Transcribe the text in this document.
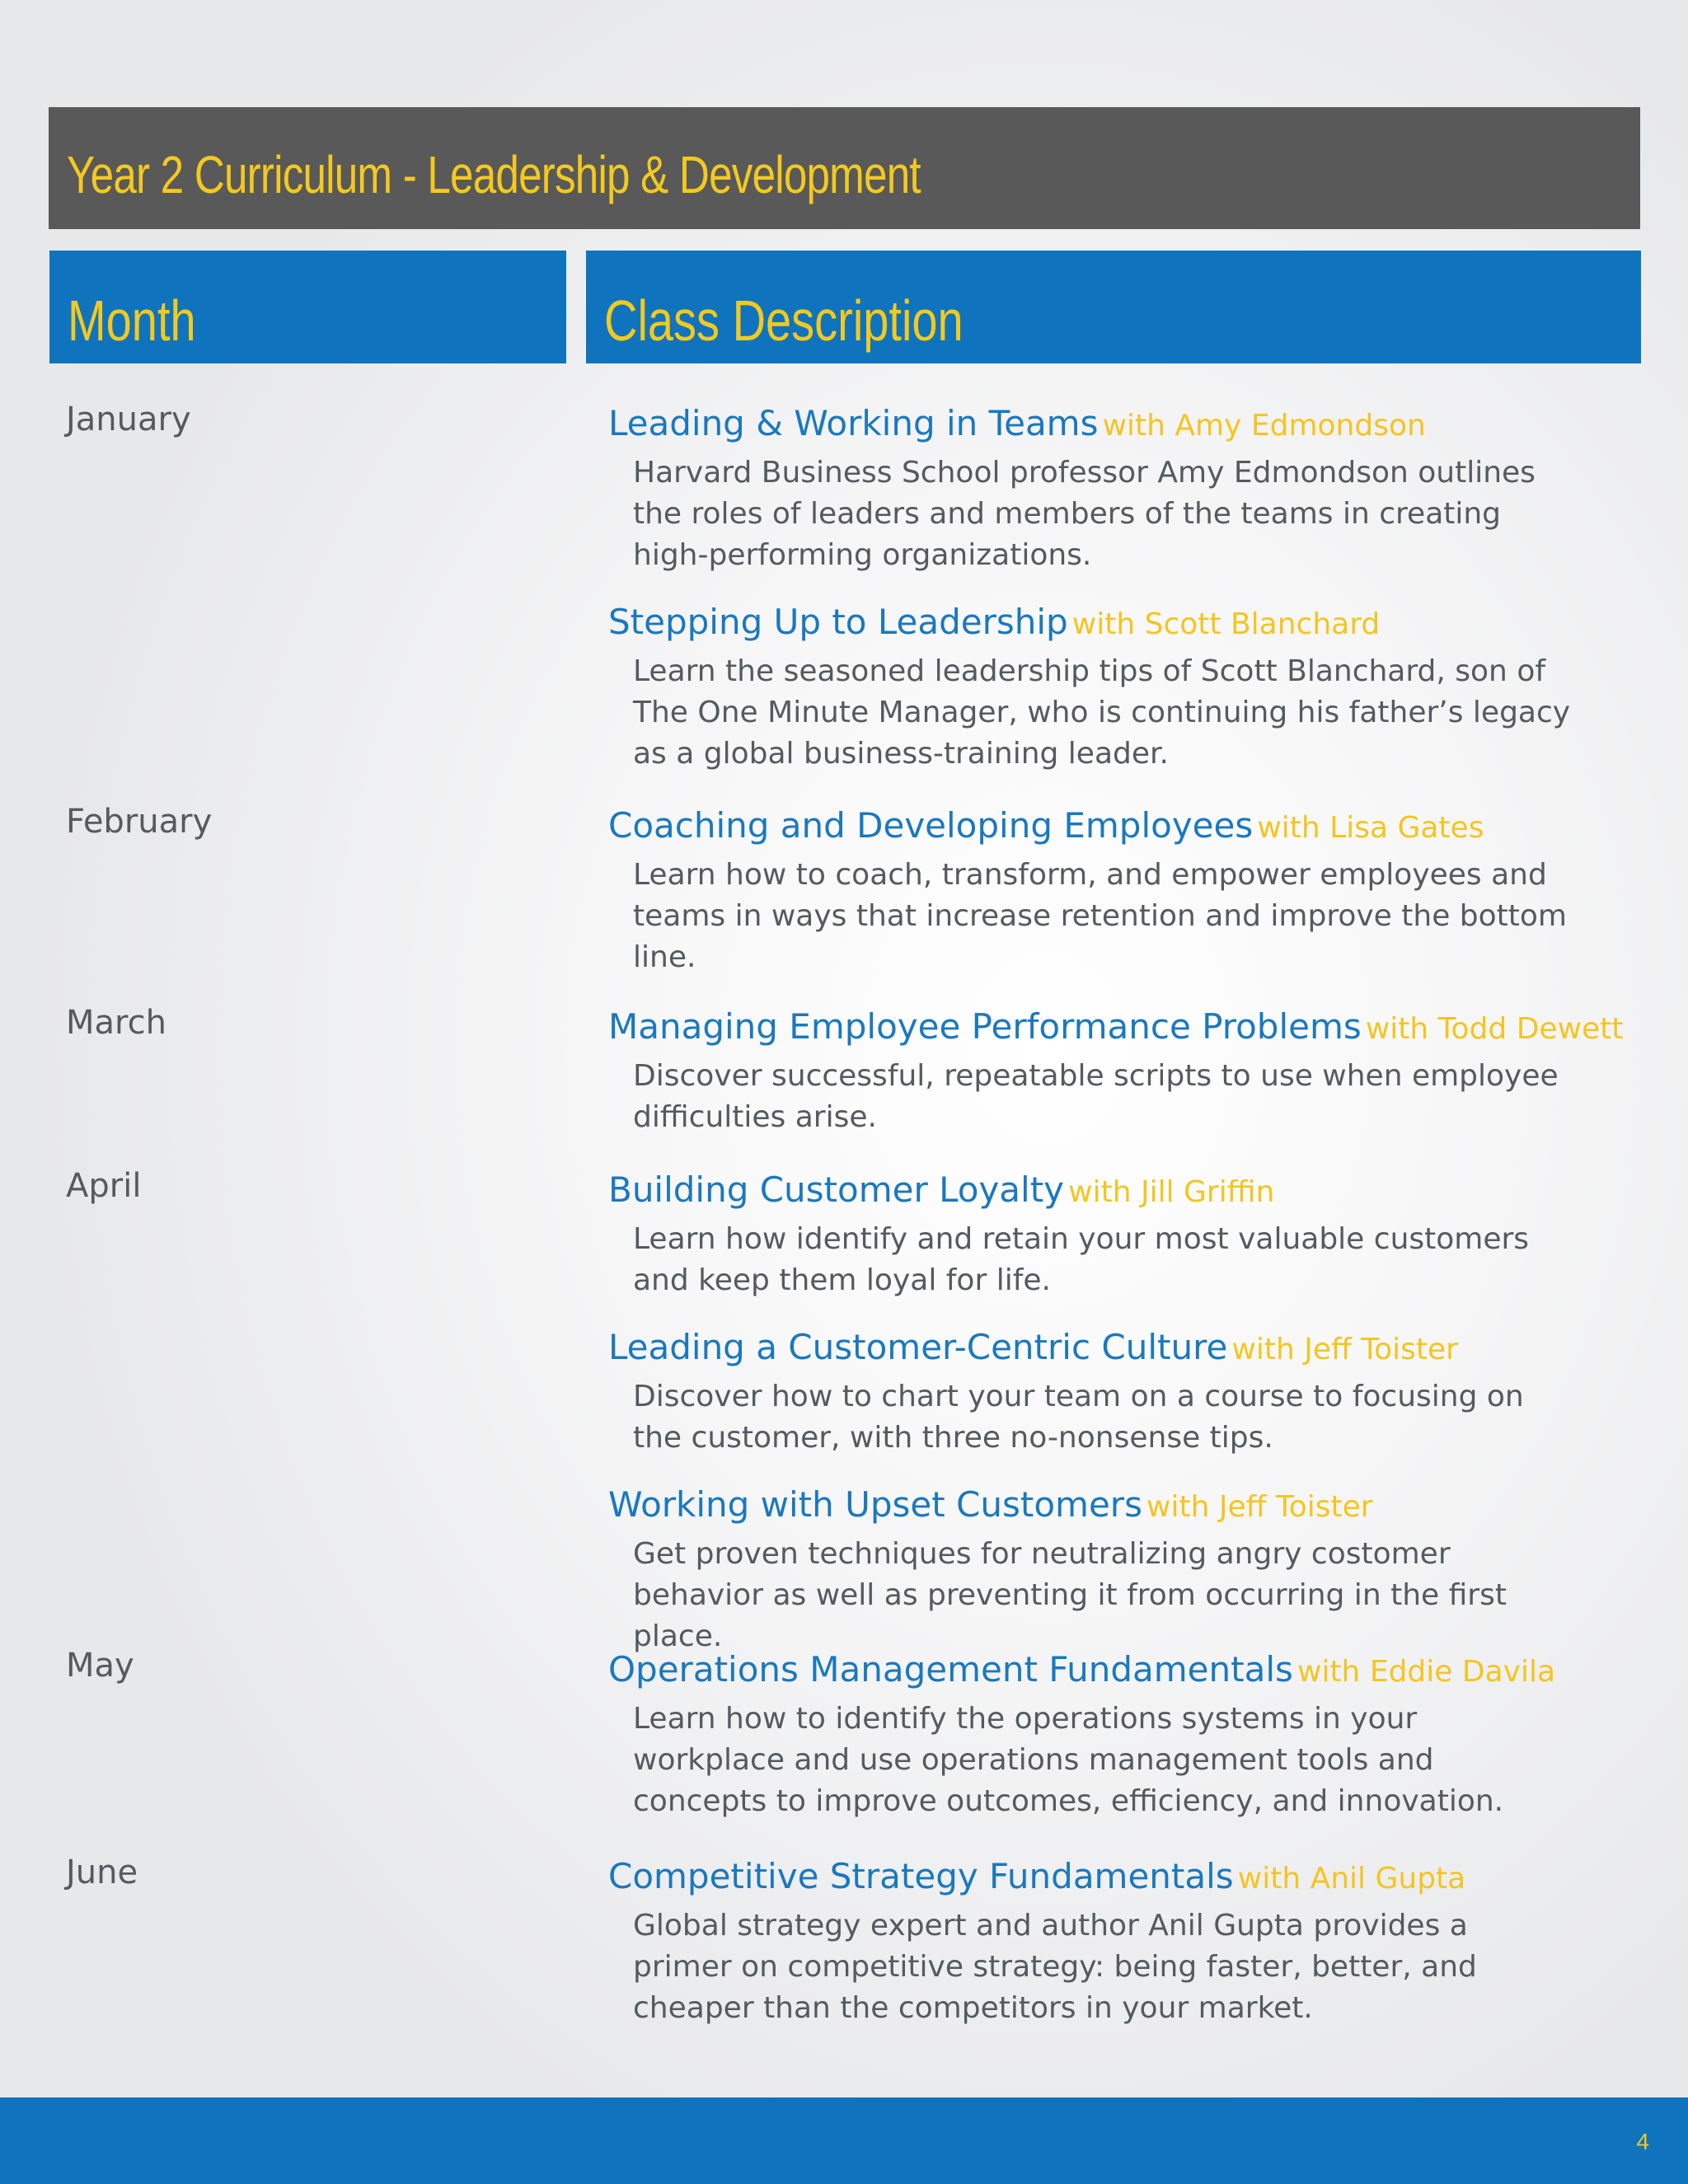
Year 2 Curriculum - Leadership & Development
Month	Class Description
January
February
March
April
May
June
Leading & Working in Teams with Amy Edmondson
Harvard Business School professor Amy Edmondson outlines the roles of leaders and members of the teams in creating high-performing organizations.
Stepping Up to Leadership with Scott Blanchard
Learn the seasoned leadership tips of Scott Blanchard, son of The One Minute Manager, who is continuing his father’s legacy as a global business-training leader.
Coaching and Developing Employees with Lisa Gates
Learn how to coach, transform, and empower employees and teams in ways that increase retention and improve the bottom line.
Managing Employee Performance Problems with Todd Dewett
Discover successful, repeatable scripts to use when employee difficulties arise.
Building Customer Loyalty with Jill Griffin
Learn how identify and retain your most valuable customers and keep them loyal for life.
Leading a Customer-Centric Culture with Jeff Toister
Discover how to chart your team on a course to focusing on the customer, with three no-nonsense tips.
Working with Upset Customers with Jeff Toister
Get proven techniques for neutralizing angry costomer behavior as well as preventing it from occurring in the first place.
Operations Management Fundamentals with Eddie Davila
Learn how to identify the operations systems in your workplace and use operations management tools and concepts to improve outcomes, efficiency, and innovation.
Competitive Strategy Fundamentals with Anil Gupta
Global strategy expert and author Anil Gupta provides a primer on competitive strategy: being faster, better, and cheaper than the competitors in your market.
4
